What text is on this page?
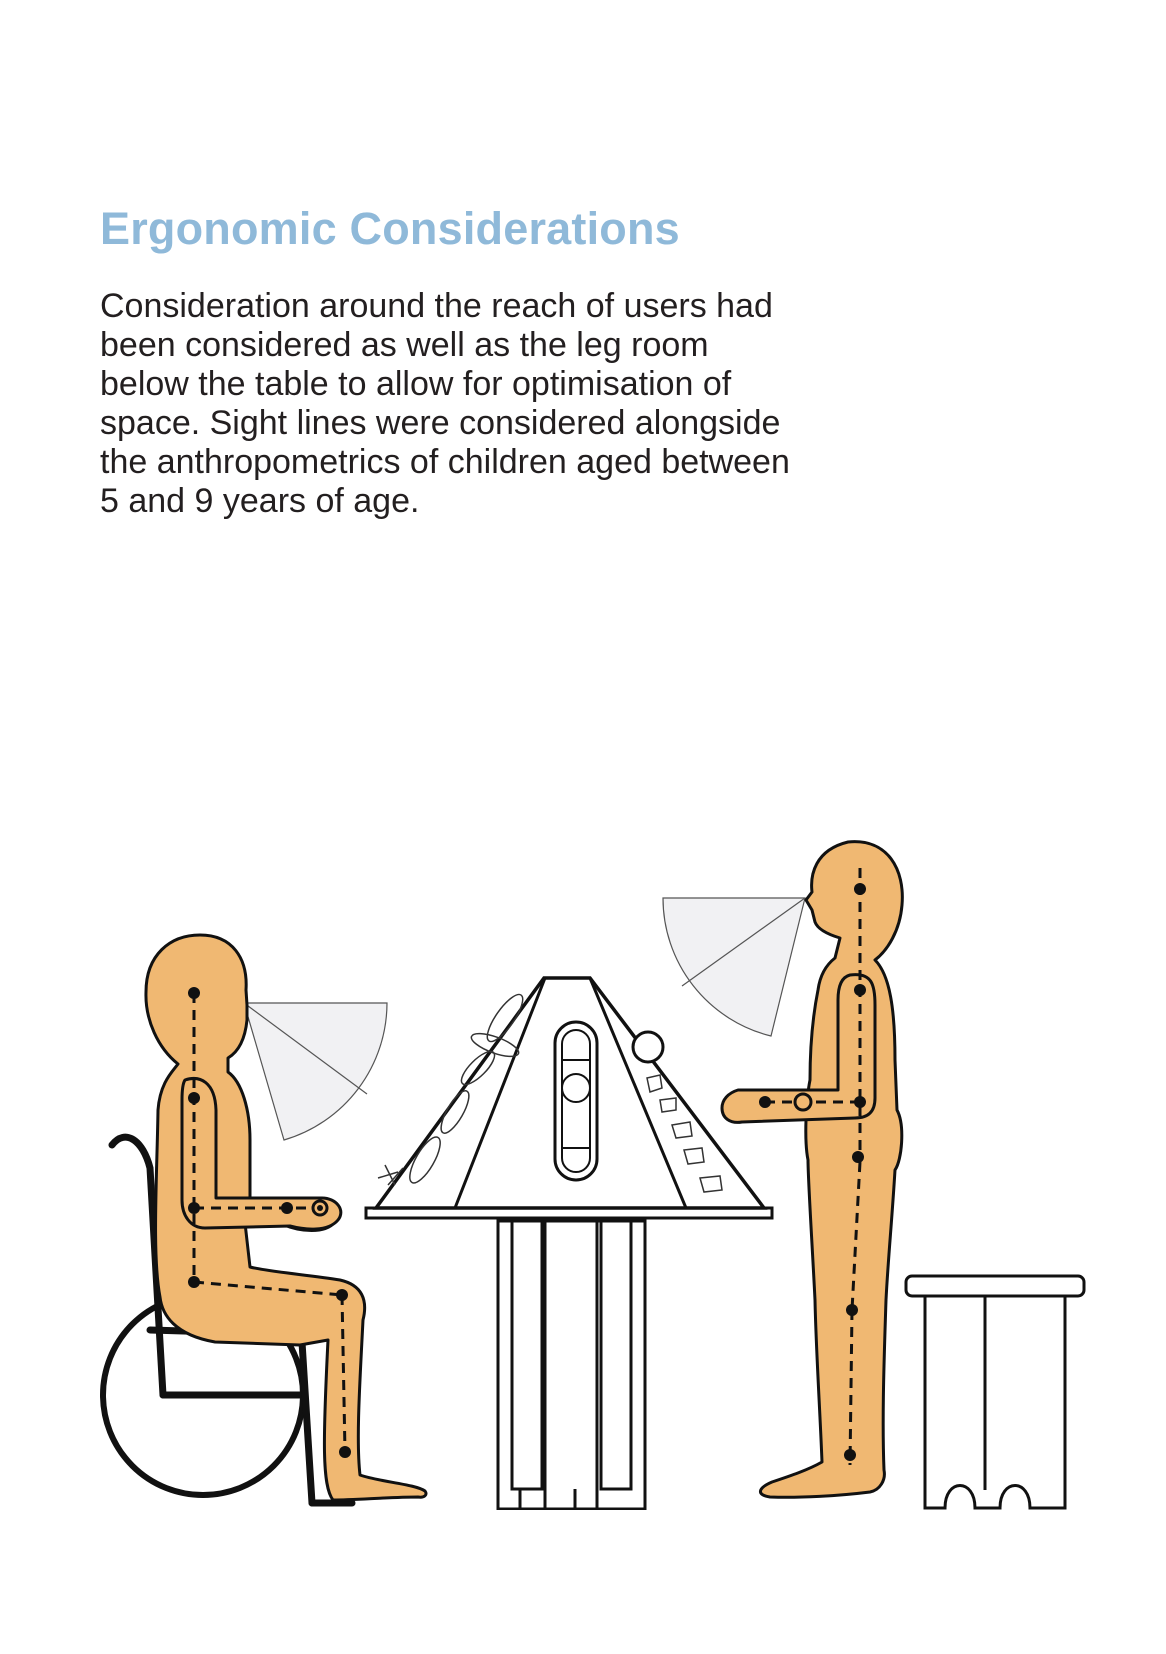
Ergonomic Considerations

Consideration around the reach of users had
been considered as well as the leg room
below the table to allow for optimisation of
space. Sight lines were considered alongside
the anthropometrics of children aged between
5 and 9 years of age.
